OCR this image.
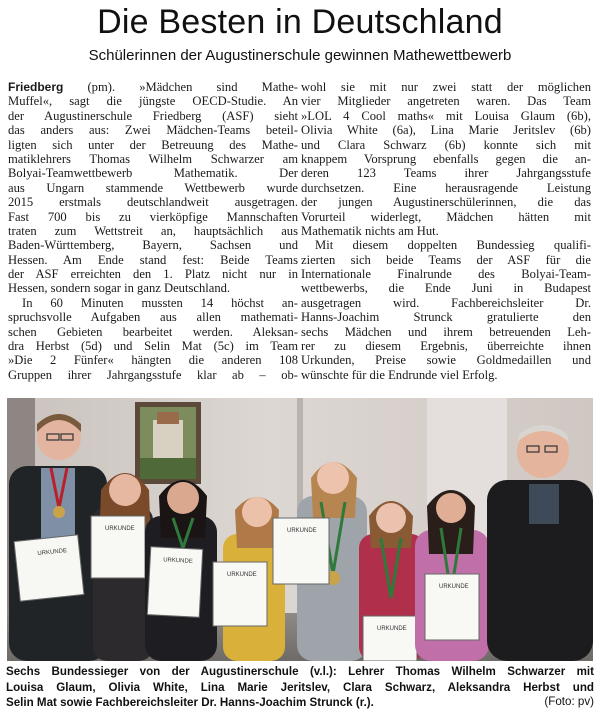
Die Besten in Deutschland
Schülerinnen der Augustinerschule gewinnen Mathewettbewerb
Friedberg (pm). »Mädchen sind Mathe-
Muffel«, sagt die jüngste OECD-Studie. An
der Augustinerschule Friedberg (ASF) sieht
das anders aus: Zwei Mädchen-Teams beteil-
ligten sich unter der Betreuung des Mathe-
matiklehrers Thomas Wilhelm Schwarzer am
Bolyai-Teamwettbewerb Mathematik. Der
aus Ungarn stammende Wettbewerb wurde
2015 erstmals deutschlandweit ausgetragen.
Fast 700 bis zu vierköpfige Mannschaften
traten zum Wettstreit an, hauptsächlich aus
Baden-Württemberg, Bayern, Sachsen und
Hessen. Am Ende stand fest: Beide Teams
der ASF erreichten den 1. Platz nicht nur in
Hessen, sondern sogar in ganz Deutschland.
In 60 Minuten mussten 14 höchst an-
spruchsvolle Aufgaben aus allen mathemati-
schen Gebieten bearbeitet werden. Aleksan-
dra Herbst (5d) und Selin Mat (5c) im Team
»Die 2 Fünfer« hängten die anderen 108
Gruppen ihrer Jahrgangsstufe klar ab – ob-
wohl sie mit nur zwei statt der möglichen
vier Mitglieder angetreten waren. Das Team
»LOL 4 Cool maths« mit Louisa Glaum (6b),
Olivia White (6a), Lina Marie Jeritslev (6b)
und Clara Schwarz (6b) konnte sich mit
knappem Vorsprung ebenfalls gegen die an-
deren 123 Teams ihrer Jahrgangsstufe
durchsetzen. Eine herausragende Leistung
der jungen Augustinerschülerinnen, die das
Vorurteil widerlegt, Mädchen hätten mit
Mathematik nichts am Hut.
Mit diesem doppelten Bundessieg qualifi-
zierten sich beide Teams der ASF für die
Internationale Finalrunde des Bolyai-Team-
wettbewerbs, die Ende Juni in Budapest
ausgetragen wird. Fachbereichsleiter Dr.
Hanns-Joachim Strunck gratulierte den
sechs Mädchen und ihrem betreuenden Leh-
rer zu diesem Ergebnis, überreichte ihnen
Urkunden, Preise sowie Goldmedaillen und
wünschte für die Endrunde viel Erfolg.
URKUNDE
URKUNDE
URKUNDE
URKUNDE
URKUNDE
URKUNDE
URKUNDE
Sechs Bundessieger von der Augustinerschule (v.l.): Lehrer Thomas Wilhelm Schwarzer mit
Louisa Glaum, Olivia White, Lina Marie Jeritslev, Clara Schwarz, Aleksandra Herbst und
Selin Mat sowie Fachbereichsleiter Dr. Hanns-Joachim Strunck (r.).	(Foto: pv)
